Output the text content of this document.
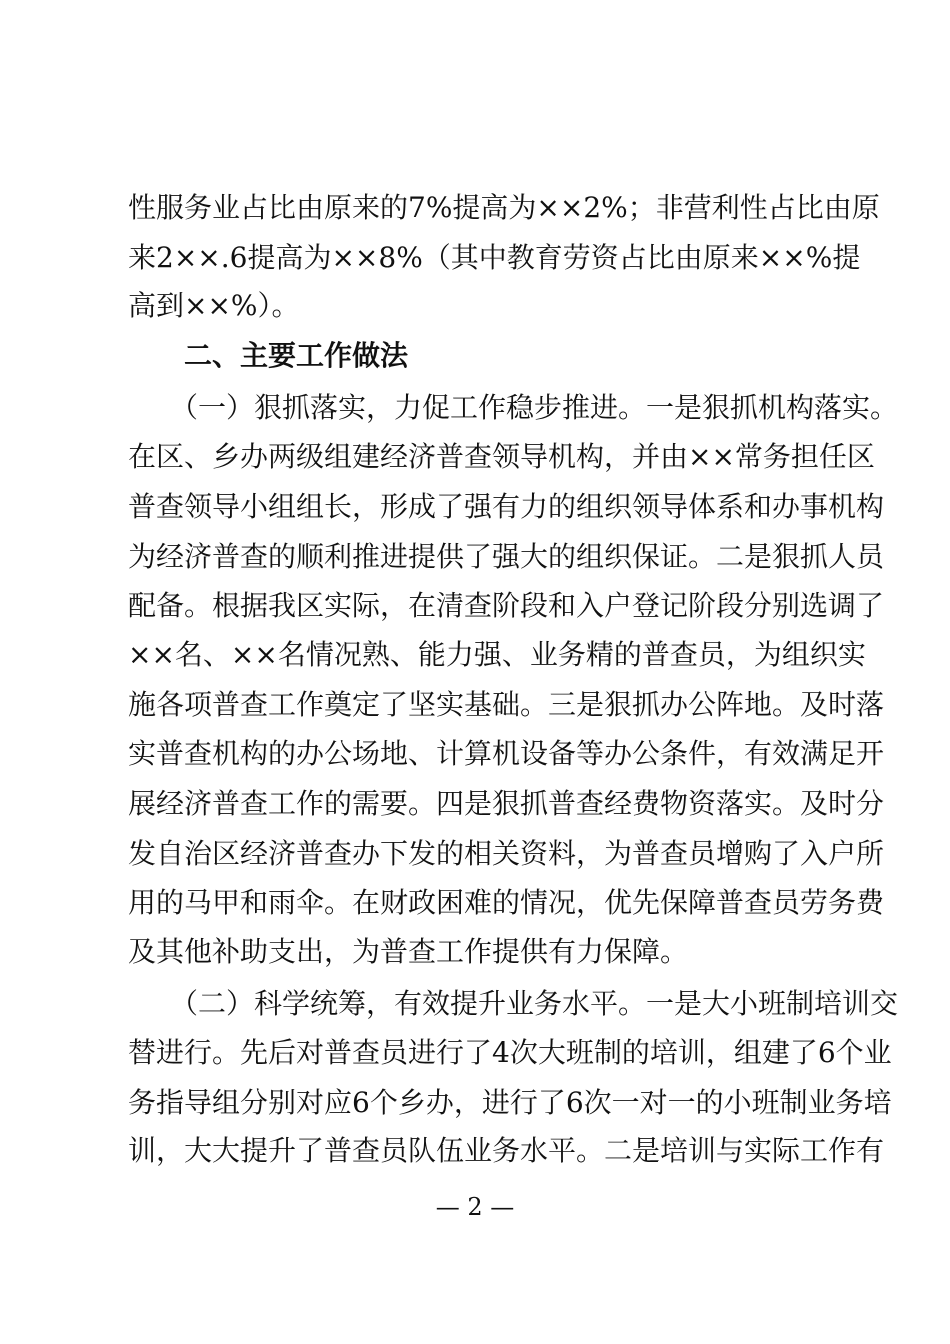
性服务业占比由原来的7%提高为××2%；非营利性占比由原
来2××.6提高为××8%（其中教育劳资占比由原来××%提
高到××%）。
　　二、主要工作做法
　　（一）狠抓落实，力促工作稳步推进。一是狠抓机构落实。
在区、乡办两级组建经济普查领导机构，并由××常务担任区
普查领导小组组长，形成了强有力的组织领导体系和办事机构
为经济普查的顺利推进提供了强大的组织保证。二是狠抓人员
配备。根据我区实际，在清查阶段和入户登记阶段分别选调了
××名、××名情况熟、能力强、业务精的普查员，为组织实
施各项普查工作奠定了坚实基础。三是狠抓办公阵地。及时落
实普查机构的办公场地、计算机设备等办公条件，有效满足开
展经济普查工作的需要。四是狠抓普查经费物资落实。及时分
发自治区经济普查办下发的相关资料，为普查员增购了入户所
用的马甲和雨伞。在财政困难的情况，优先保障普查员劳务费
及其他补助支出，为普查工作提供有力保障。
　　（二）科学统筹，有效提升业务水平。一是大小班制培训交
替进行。先后对普查员进行了4次大班制的培训，组建了6个业
务指导组分别对应6个乡办，进行了6次一对一的小班制业务培
训，大大提升了普查员队伍业务水平。二是培训与实际工作有
— 2 —
